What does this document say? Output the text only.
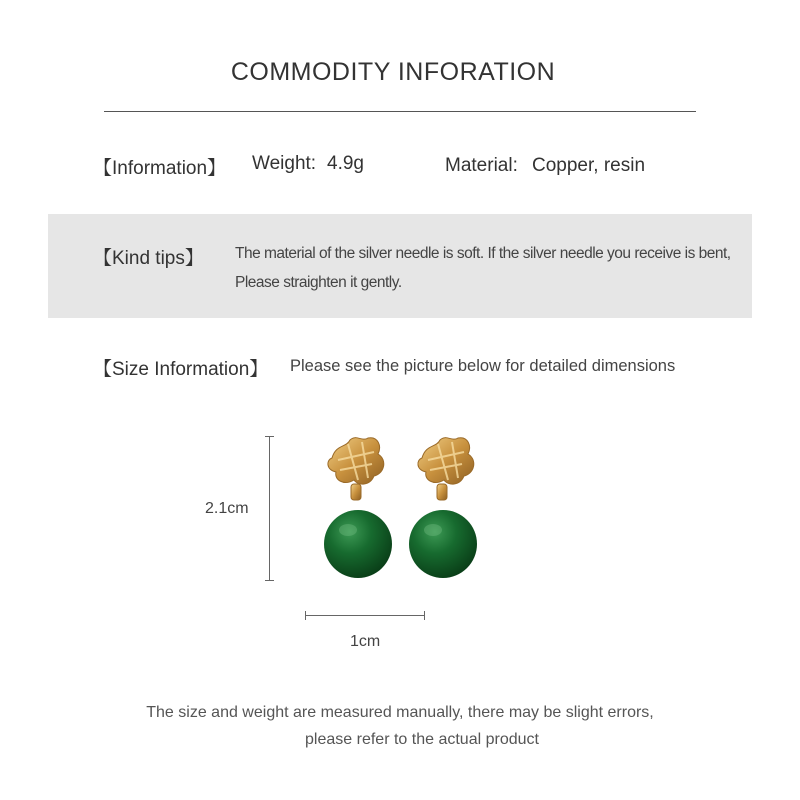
COMMODITY INFORATION
【Information】 Weight: 4.9g	Material: Copper, resin
【Kind tips】 The material of the silver needle is soft. If the silver needle you receive is bent,
Please straighten it gently.
【Size Information】 Please see the picture below for detailed dimensions
2.1cm
1cm
The size and weight are measured manually, there may be slight errors,
please refer to the actual product
